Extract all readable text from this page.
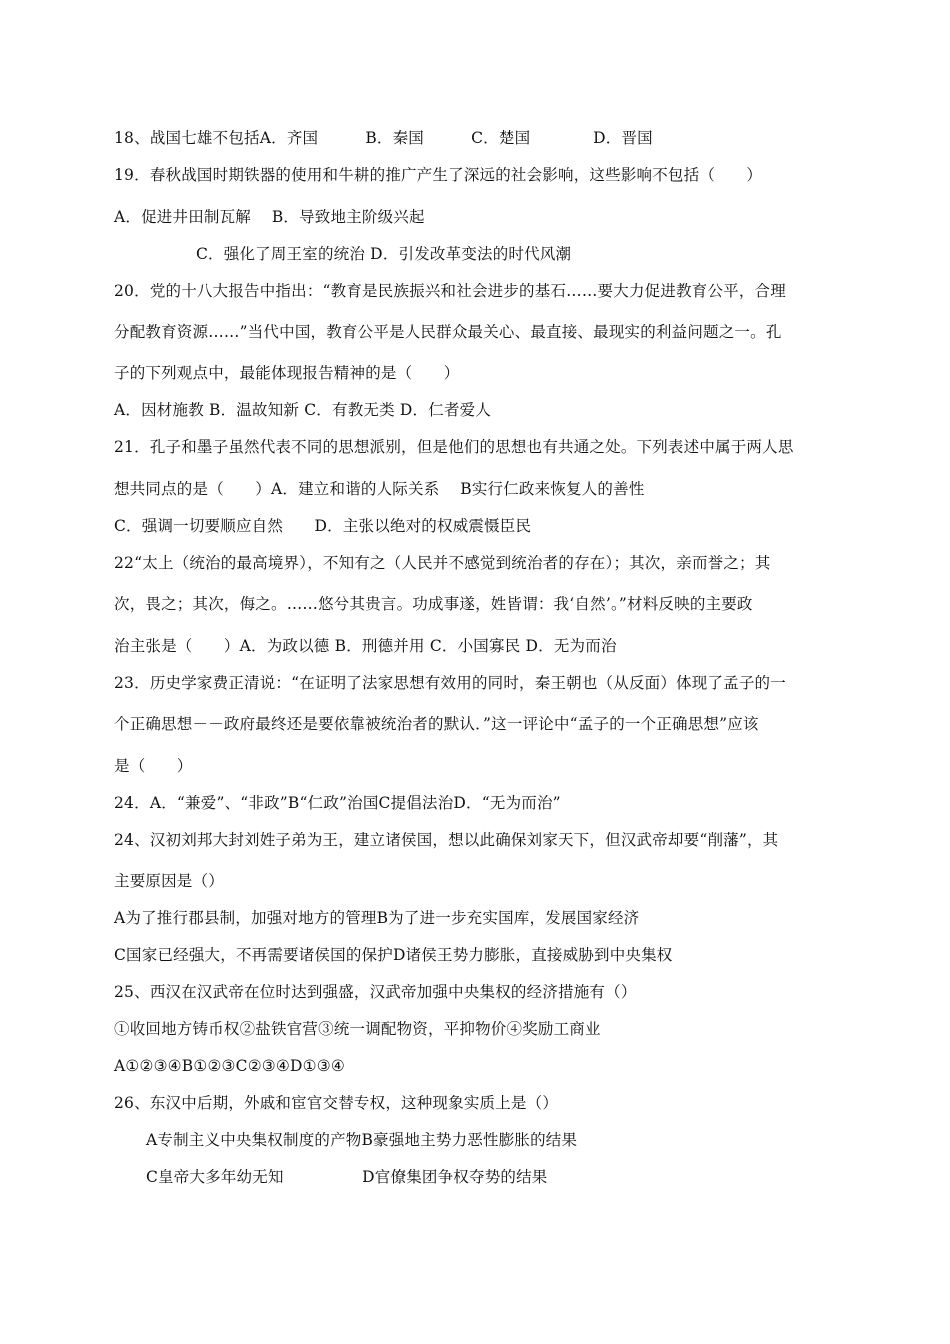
18、战国七雄不包括A．齐国　　　B．秦国　　　C．楚国　　　　D．晋国
19．春秋战国时期铁器的使用和牛耕的推广产生了深远的社会影响，这些影响不包括（　　）
A．促进井田制瓦解　 B．导致地主阶级兴起
C．强化了周王室的统治 D．引发改革变法的时代风潮
20．党的十八大报告中指出：“教育是民族振兴和社会进步的基石……要大力促进教育公平，合理
分配教育资源……”当代中国，教育公平是人民群众最关心、最直接、最现实的利益问题之一。孔
子的下列观点中，最能体现报告精神的是（　　）
A．因材施教 B．温故知新 C．有教无类 D．仁者爱人
21．孔子和墨子虽然代表不同的思想派别，但是他们的思想也有共通之处。下列表述中属于两人思
想共同点的是（　　）A．建立和谐的人际关系　 B实行仁政来恢复人的善性
C．强调一切要顺应自然　　D．主张以绝对的权威震慑臣民
22“太上（统治的最高境界），不知有之（人民并不感觉到统治者的存在）；其次，亲而誉之；其
次，畏之；其次，侮之。……悠兮其贵言。功成事遂，姓皆谓：我‘自然’。”材料反映的主要政
治主张是（　　）A．为政以德 B．刑德并用 C．小国寡民 D．无为而治
23．历史学家费正清说：“在证明了法家思想有效用的同时，秦王朝也（从反面）体现了孟子的一
个正确思想－－政府最终还是要依靠被统治者的默认．”这一评论中“孟子的一个正确思想”应该
是（　　）
24．A．“兼爱”、“非政”B“仁政”治国C提倡法治D．“无为而治”
24、汉初刘邦大封刘姓子弟为王，建立诸侯国，想以此确保刘家天下，但汉武帝却要“削藩”，其
主要原因是（）
A为了推行郡县制，加强对地方的管理B为了进一步充实国库，发展国家经济
C国家已经强大，不再需要诸侯国的保护D诸侯王势力膨胀，直接威胁到中央集权
25、西汉在汉武帝在位时达到强盛，汉武帝加强中央集权的经济措施有（）
①收回地方铸币权②盐铁官营③统一调配物资，平抑物价④奖励工商业
A①②③④B①②③C②③④D①③④
26、东汉中后期，外戚和宦官交替专权，这种现象实质上是（）
A专制主义中央集权制度的产物B豪强地主势力恶性膨胀的结果
C皇帝大多年幼无知　　　　　D官僚集团争权夺势的结果
